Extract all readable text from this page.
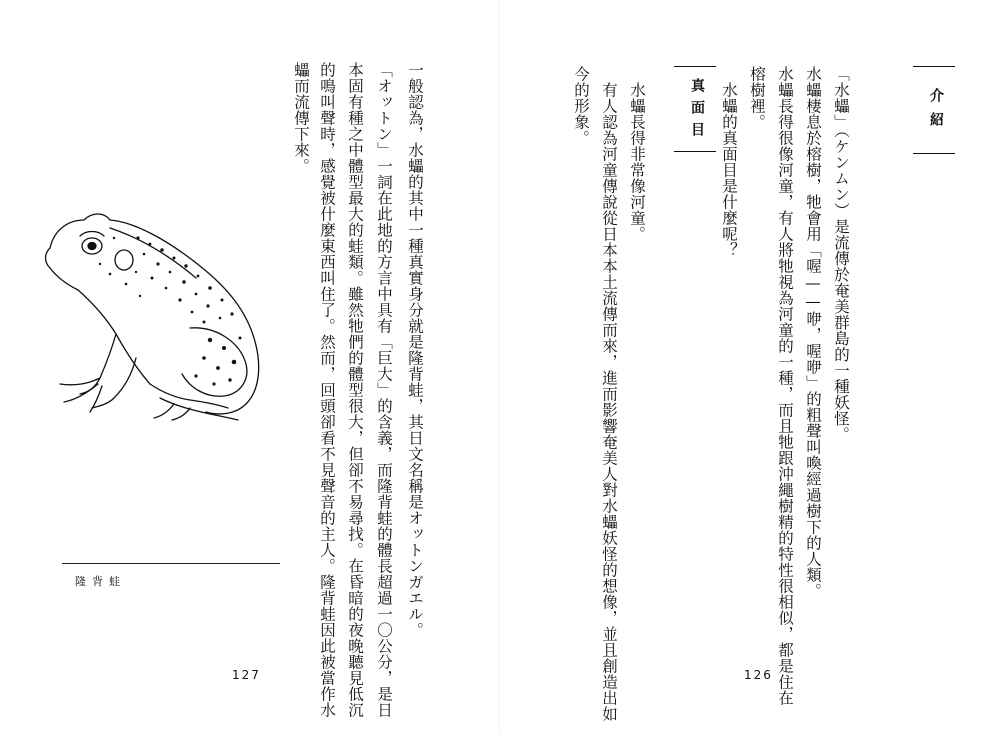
一般認為，水蠝的其中一種真實身分就是隆背蛙，其日文名稱是オットンガエル。
「オットン」一詞在此地的方言中具有「巨大」的含義，而隆背蛙的體長超過一〇公分，是日
本固有種之中體型最大的蛙類。雖然牠們的體型很大，但卻不易尋找。在昏暗的夜晚聽見低沉
的鳴叫聲時，感覺被什麼東西叫住了。然而，回頭卻看不見聲音的主人。隆背蛙因此被當作水
蠝而流傳下來。
隆背蛙
127
介紹
「水蠝」（ケンムン）是流傳於奄美群島的一種妖怪。
水蠝棲息於榕樹，牠會用「喔——咿，喔咿」的粗聲叫喚經過樹下的人類。
水蠝長得很像河童，有人將牠視為河童的一種，而且牠跟沖繩樹精的特性很相似，都是住在
榕樹裡。
水蠝的真面目是什麼呢？
真面目
水蠝長得非常像河童。
有人認為河童傳說從日本本土流傳而來，進而影響奄美人對水蠝妖怪的想像，並且創造出如
今的形象。
126
